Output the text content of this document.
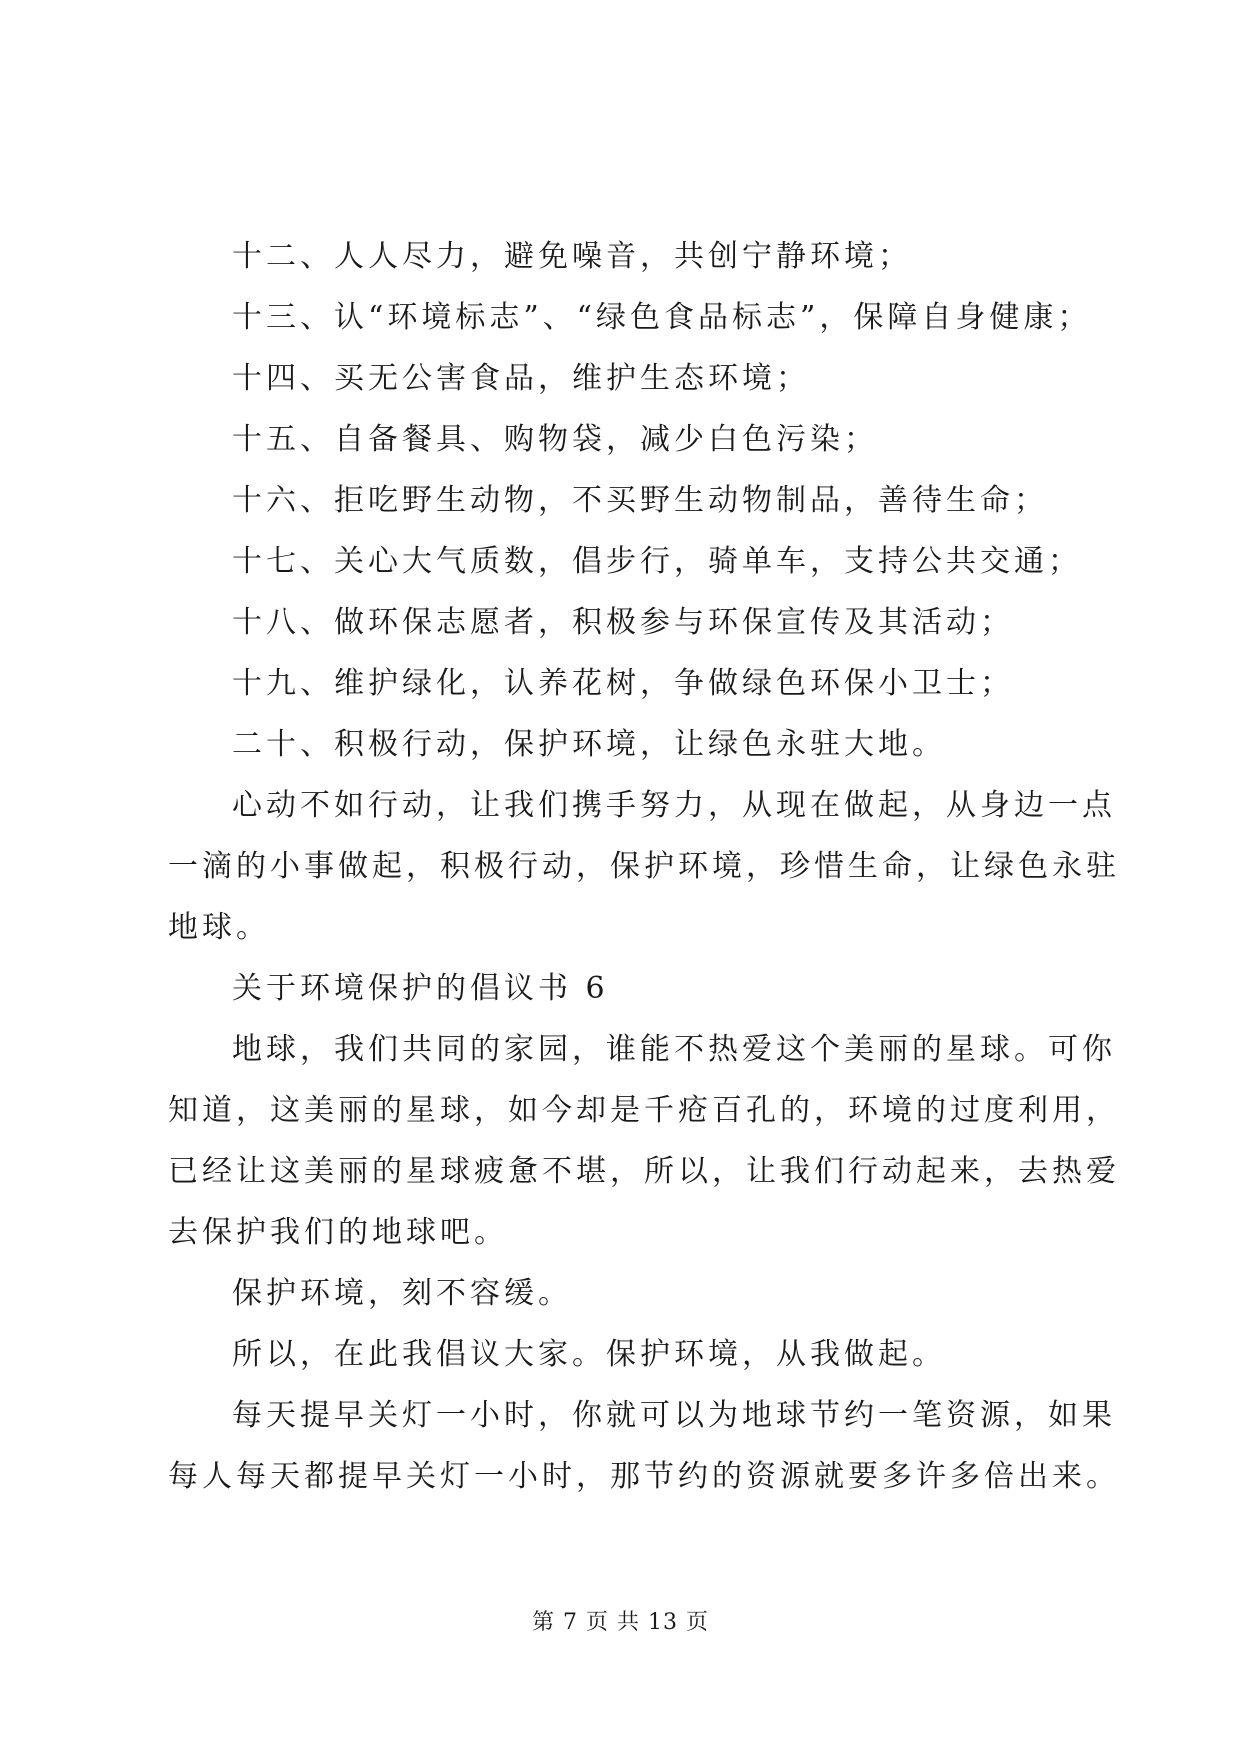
十二、人人尽力，避免噪音，共创宁静环境；
十三、认“环境标志”、“绿色食品标志”，保障自身健康；
十四、买无公害食品，维护生态环境；
十五、自备餐具、购物袋，减少白色污染；
十六、拒吃野生动物，不买野生动物制品，善待生命；
十七、关心大气质数，倡步行，骑单车，支持公共交通；
十八、做环保志愿者，积极参与环保宣传及其活动；
十九、维护绿化，认养花树，争做绿色环保小卫士；
二十、积极行动，保护环境，让绿色永驻大地。
心动不如行动，让我们携手努力，从现在做起，从身边一点
一滴的小事做起，积极行动，保护环境，珍惜生命，让绿色永驻
地球。
关于环境保护的倡议书 6
地球，我们共同的家园，谁能不热爱这个美丽的星球。可你
知道，这美丽的星球，如今却是千疮百孔的，环境的过度利用，
已经让这美丽的星球疲惫不堪，所以，让我们行动起来，去热爱
去保护我们的地球吧。
保护环境，刻不容缓。
所以，在此我倡议大家。保护环境，从我做起。
每天提早关灯一小时，你就可以为地球节约一笔资源，如果
每人每天都提早关灯一小时，那节约的资源就要多许多倍出来。
第 7 页 共 13 页
